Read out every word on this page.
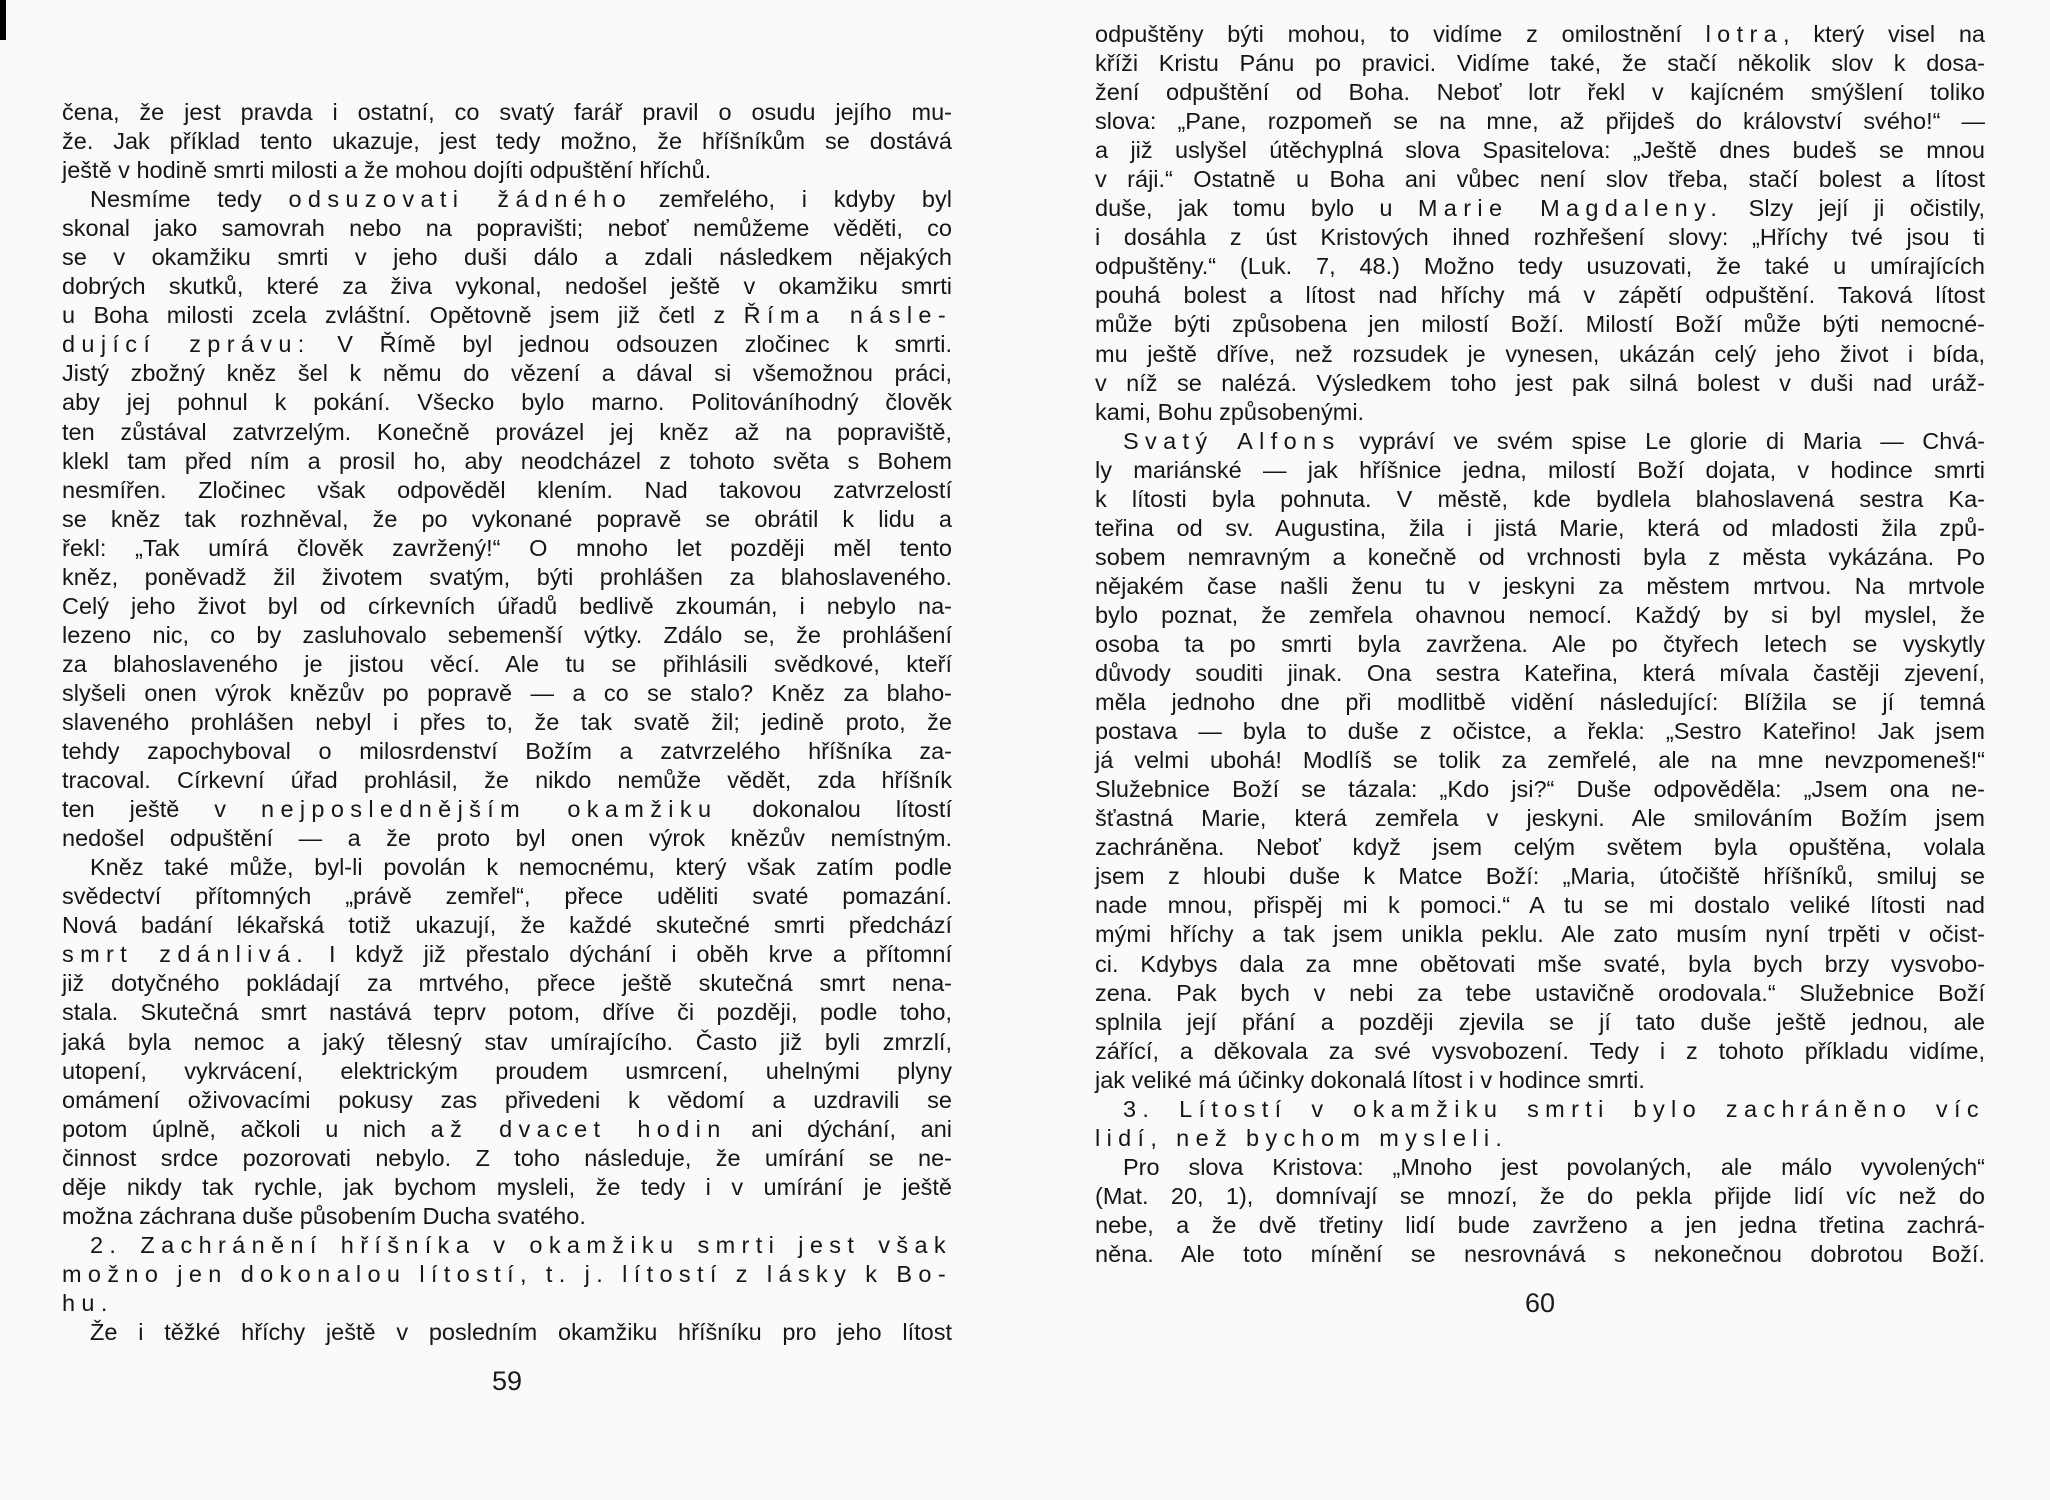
čena, že jest pravda i ostatní, co svatý farář pravil o osudu jejího mu-
že. Jak příklad tento ukazuje, jest tedy možno, že hříšníkům se dostává
ještě v hodině smrti milosti a že mohou dojíti odpuštění hříchů.
Nesmíme tedy odsuzovati žádného zemřelého, i kdyby byl
skonal jako samovrah nebo na popravišti; neboť nemůžeme věděti, co
se v okamžiku smrti v jeho duši dálo a zdali následkem nějakých
dobrých skutků, které za živa vykonal, nedošel ještě v okamžiku smrti
u Boha milosti zcela zvláštní. Opětovně jsem již četl z Říma násle-
dující zprávu: V Římě byl jednou odsouzen zločinec k smrti.
Jistý zbožný kněz šel k němu do vězení a dával si všemožnou práci,
aby jej pohnul k pokání. Všecko bylo marno. Politováníhodný člověk
ten zůstával zatvrzelým. Konečně provázel jej kněz až na popraviště,
klekl tam před ním a prosil ho, aby neodcházel z tohoto světa s Bohem
nesmířen. Zločinec však odpověděl klením. Nad takovou zatvrzelostí
se kněz tak rozhněval, že po vykonané popravě se obrátil k lidu a
řekl: „Tak umírá člověk zavržený!“ O mnoho let později měl tento
kněz, poněvadž žil životem svatým, býti prohlášen za blahoslaveného.
Celý jeho život byl od církevních úřadů bedlivě zkoumán, i nebylo na-
lezeno nic, co by zasluhovalo sebemenší výtky. Zdálo se, že prohlášení
za blahoslaveného je jistou věcí. Ale tu se přihlásili svědkové, kteří
slyšeli onen výrok knězův po popravě — a co se stalo? Kněz za blaho-
slaveného prohlášen nebyl i přes to, že tak svatě žil; jedině proto, že
tehdy zapochyboval o milosrdenství Božím a zatvrzelého hříšníka za-
tracoval. Církevní úřad prohlásil, že nikdo nemůže vědět, zda hříšník
ten ještě v nejposlednějším okamžiku dokonalou lítostí
nedošel odpuštění — a že proto byl onen výrok knězův nemístným.
Kněz také může, byl-li povolán k nemocnému, který však zatím podle
svědectví přítomných „právě zemřel“, přece uděliti svaté pomazání.
Nová badání lékařská totiž ukazují, že každé skutečné smrti předchází
smrt zdánlivá. I když již přestalo dýchání i oběh krve a přítomní
již dotyčného pokládají za mrtvého, přece ještě skutečná smrt nena-
stala. Skutečná smrt nastává teprv potom, dříve či později, podle toho,
jaká byla nemoc a jaký tělesný stav umírajícího. Často již byli zmrzlí,
utopení, vykrvácení, elektrickým proudem usmrcení, uhelnými plyny
omámení oživovacími pokusy zas přivedeni k vědomí a uzdravili se
potom úplně, ačkoli u nich až dvacet hodin ani dýchání, ani
činnost srdce pozorovati nebylo. Z toho následuje, že umírání se ne-
děje nikdy tak rychle, jak bychom mysleli, že tedy i v umírání je ještě
možna záchrana duše působením Ducha svatého.
2. Zachránění hříšníka v okamžiku smrti jest však
možno jen dokonalou lítostí, t. j. lítostí z lásky k Bo-
hu.
Že i těžké hříchy ještě v posledním okamžiku hříšníku pro jeho lítost
odpuštěny býti mohou, to vidíme z omilostnění lotra, který visel na
kříži Kristu Pánu po pravici. Vidíme také, že stačí několik slov k dosa-
žení odpuštění od Boha. Neboť lotr řekl v kajícném smýšlení toliko
slova: „Pane, rozpomeň se na mne, až přijdeš do království svého!“ —
a již uslyšel útěchyplná slova Spasitelova: „Ještě dnes budeš se mnou
v ráji.“ Ostatně u Boha ani vůbec není slov třeba, stačí bolest a lítost
duše, jak tomu bylo u Marie Magdaleny. Slzy její ji očistily,
i dosáhla z úst Kristových ihned rozhřešení slovy: „Hříchy tvé jsou ti
odpuštěny.“ (Luk. 7, 48.) Možno tedy usuzovati, že také u umírajících
pouhá bolest a lítost nad hříchy má v zápětí odpuštění. Taková lítost
může býti způsobena jen milostí Boží. Milostí Boží může býti nemocné-
mu ještě dříve, než rozsudek je vynesen, ukázán celý jeho život i bída,
v níž se nalézá. Výsledkem toho jest pak silná bolest v duši nad uráž-
kami, Bohu způsobenými.
Svatý Alfons vypráví ve svém spise Le glorie di Maria — Chvá-
ly mariánské — jak hříšnice jedna, milostí Boží dojata, v hodince smrti
k lítosti byla pohnuta. V městě, kde bydlela blahoslavená sestra Ka-
teřina od sv. Augustina, žila i jistá Marie, která od mladosti žila způ-
sobem nemravným a konečně od vrchnosti byla z města vykázána. Po
nějakém čase našli ženu tu v jeskyni za městem mrtvou. Na mrtvole
bylo poznat, že zemřela ohavnou nemocí. Každý by si byl myslel, že
osoba ta po smrti byla zavržena. Ale po čtyřech letech se vyskytly
důvody souditi jinak. Ona sestra Kateřina, která mívala častěji zjevení,
měla jednoho dne při modlitbě vidění následující: Blížila se jí temná
postava — byla to duše z očistce, a řekla: „Sestro Kateřino! Jak jsem
já velmi ubohá! Modlíš se tolik za zemřelé, ale na mne nevzpomeneš!“
Služebnice Boží se tázala: „Kdo jsi?“ Duše odpověděla: „Jsem ona ne-
šťastná Marie, která zemřela v jeskyni. Ale smilováním Božím jsem
zachráněna. Neboť když jsem celým světem byla opuštěna, volala
jsem z hloubi duše k Matce Boží: „Maria, útočiště hříšníků, smiluj se
nade mnou, přispěj mi k pomoci.“ A tu se mi dostalo veliké lítosti nad
mými hříchy a tak jsem unikla peklu. Ale zato musím nyní trpěti v očist-
ci. Kdybys dala za mne obětovati mše svaté, byla bych brzy vysvobo-
zena. Pak bych v nebi za tebe ustavičně orodovala.“ Služebnice Boží
splnila její přání a později zjevila se jí tato duše ještě jednou, ale
zářící, a děkovala za své vysvobození. Tedy i z tohoto příkladu vidíme,
jak veliké má účinky dokonalá lítost i v hodince smrti.
3. Lítostí v okamžiku smrti bylo zachráněno víc
lidí, než bychom mysleli.
Pro slova Kristova: „Mnoho jest povolaných, ale málo vyvolených“
(Mat. 20, 1), domnívají se mnozí, že do pekla přijde lidí víc než do
nebe, a že dvě třetiny lidí bude zavrženo a jen jedna třetina zachrá-
něna. Ale toto mínění se nesrovnává s nekonečnou dobrotou Boží.
59
60
